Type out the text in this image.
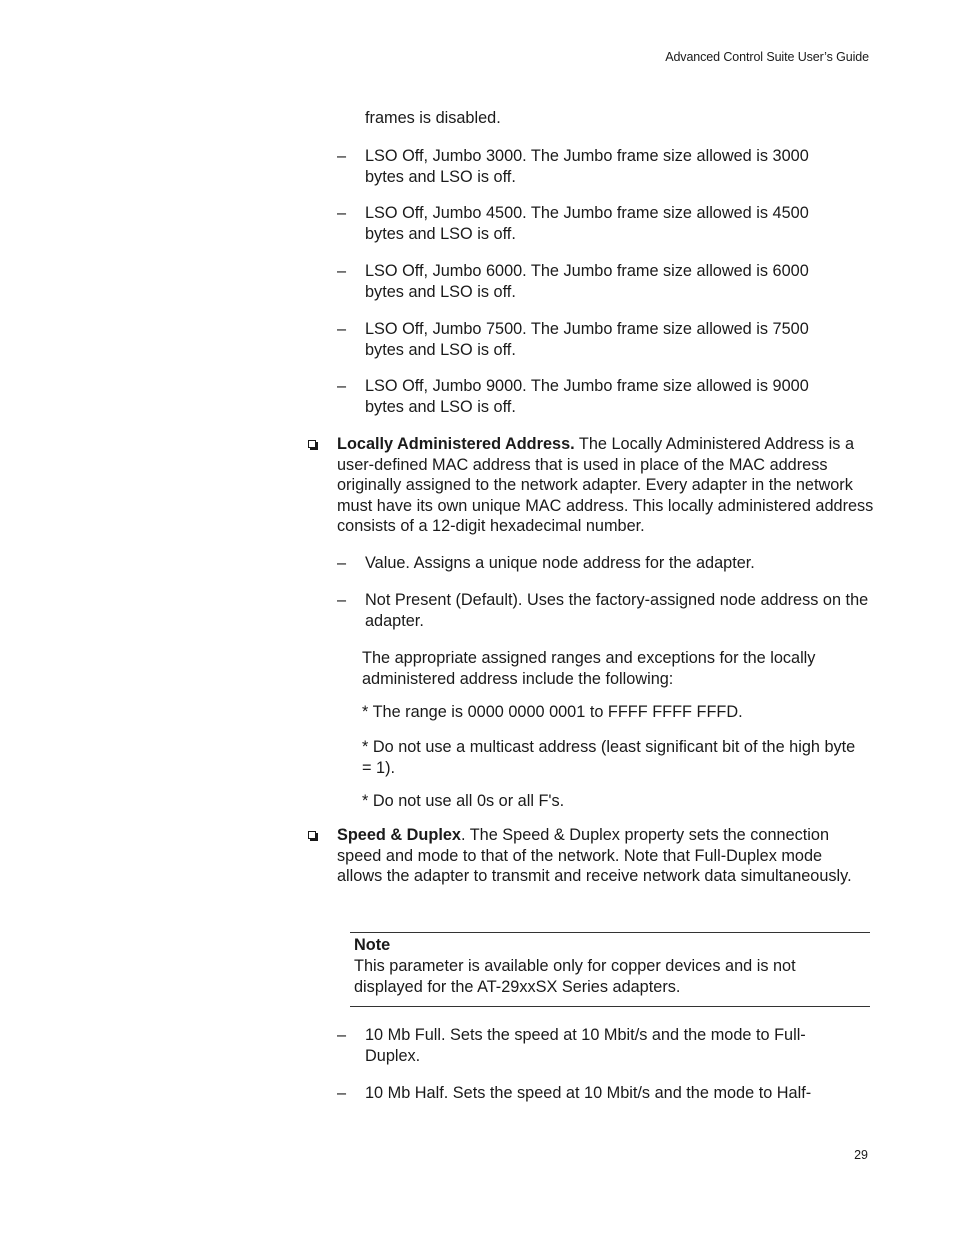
Advanced Control Suite User’s Guide
frames is disabled.
–	LSO Off, Jumbo 3000. The Jumbo frame size allowed is 3000 bytes and LSO is off.
–	LSO Off, Jumbo 4500. The Jumbo frame size allowed is 4500 bytes and LSO is off.
–	LSO Off, Jumbo 6000. The Jumbo frame size allowed is 6000 bytes and LSO is off.
–	LSO Off, Jumbo 7500. The Jumbo frame size allowed is 7500 bytes and LSO is off.
–	LSO Off, Jumbo 9000. The Jumbo frame size allowed is 9000 bytes and LSO is off.
Locally Administered Address. The Locally Administered Address is a user-defined MAC address that is used in place of the MAC address originally assigned to the network adapter. Every adapter in the network must have its own unique MAC address. This locally administered address consists of a 12-digit hexadecimal number.
–	Value. Assigns a unique node address for the adapter.
–	Not Present (Default). Uses the factory-assigned node address on the adapter.
The appropriate assigned ranges and exceptions for the locally administered address include the following:
* The range is 0000 0000 0001 to FFFF FFFF FFFD.
* Do not use a multicast address (least significant bit of the high byte = 1).
* Do not use all 0s or all F's.
Speed & Duplex. The Speed & Duplex property sets the connection speed and mode to that of the network. Note that Full-Duplex mode allows the adapter to transmit and receive network data simultaneously.
Note
This parameter is available only for copper devices and is not displayed for the AT-29xxSX Series adapters.
–	10 Mb Full. Sets the speed at 10 Mbit/s and the mode to Full-Duplex.
–	10 Mb Half. Sets the speed at 10 Mbit/s and the mode to Half-
29
